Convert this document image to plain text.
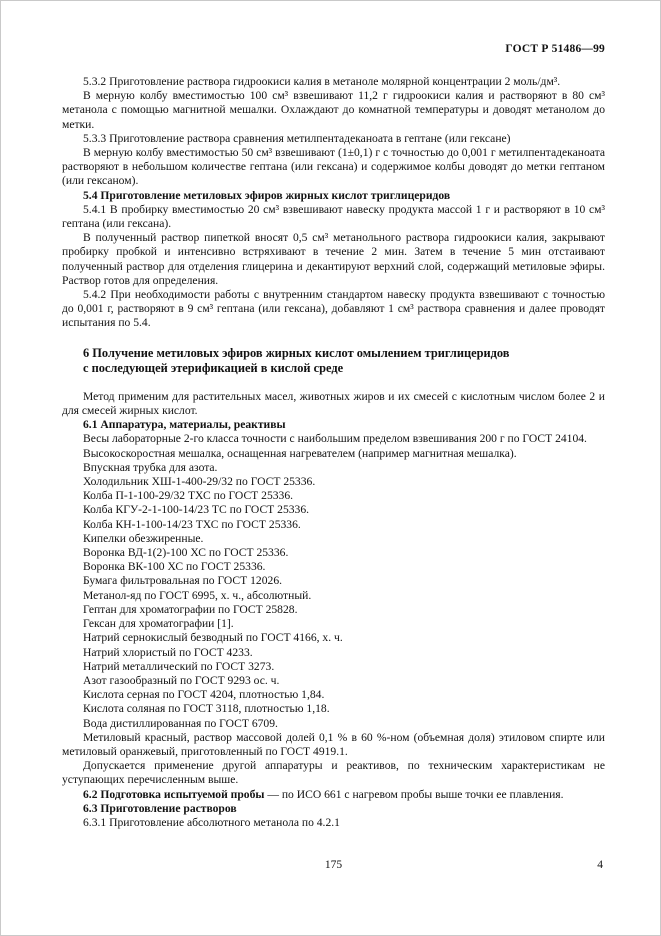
ГОСТ Р 51486—99

5.3.2 Приготовление раствора гидроокиси калия в метаноле молярной концентрации 2 моль/дм³.

В мерную колбу вместимостью 100 см³ взвешивают 11,2 г гидроокиси калия и растворяют в 80 см³ метанола с помощью магнитной мешалки. Охлаждают до комнатной температуры и доводят метанолом до метки.

5.3.3 Приготовление раствора сравнения метилпентадеканоата в гептане (или гексане)

В мерную колбу вместимостью 50 см³ взвешивают (1±0,1) г с точностью до 0,001 г метилпентадеканоата растворяют в небольшом количестве гептана (или гексана) и содержимое колбы доводят до метки гептаном (или гексаном).

5.4 Приготовление метиловых эфиров жирных кислот триглицеридов

5.4.1 В пробирку вместимостью 20 см³ взвешивают навеску продукта массой 1 г и растворяют в 10 см³ гептана (или гексана).

В полученный раствор пипеткой вносят 0,5 см³ метанольного раствора гидроокиси калия, закрывают пробирку пробкой и интенсивно встряхивают в течение 2 мин. Затем в течение 5 мин отстаивают полученный раствор для отделения глицерина и декантируют верхний слой, содержащий метиловые эфиры. Раствор готов для определения.

5.4.2 При необходимости работы с внутренним стандартом навеску продукта взвешивают с точностью до 0,001 г, растворяют в 9 см³ гептана (или гексана), добавляют 1 см³ раствора сравнения и далее проводят испытания по 5.4.

6 Получение метиловых эфиров жирных кислот омылением триглицеридов
с последующей этерификацией в кислой среде

Метод применим для растительных масел, животных жиров и их смесей с кислотным числом более 2 и для смесей жирных кислот.

6.1 Аппаратура, материалы, реактивы

Весы лабораторные 2-го класса точности с наибольшим пределом взвешивания 200 г по ГОСТ 24104.

Высокоскоростная мешалка, оснащенная нагревателем (например магнитная мешалка).

Впускная трубка для азота.

Холодильник ХШ-1-400-29/32 по ГОСТ 25336.

Колба П-1-100-29/32 ТХС по ГОСТ 25336.

Колба КГУ-2-1-100-14/23 ТС по ГОСТ 25336.

Колба КН-1-100-14/23 ТХС по ГОСТ 25336.

Кипелки обезжиренные.

Воронка ВД-1(2)-100 ХС по ГОСТ 25336.

Воронка ВК-100 ХС по ГОСТ 25336.

Бумага фильтровальная по ГОСТ 12026.

Метанол-яд по ГОСТ 6995, х. ч., абсолютный.

Гептан для хроматографии по ГОСТ 25828.

Гексан для хроматографии [1].

Натрий сернокислый безводный по ГОСТ 4166, х. ч.

Натрий хлористый по ГОСТ 4233.

Натрий металлический по ГОСТ 3273.

Азот газообразный по ГОСТ 9293 ос. ч.

Кислота серная по ГОСТ 4204, плотностью 1,84.

Кислота соляная по ГОСТ 3118, плотностью 1,18.

Вода дистиллированная по ГОСТ 6709.

Метиловый красный, раствор массовой долей 0,1 % в 60 %-ном (объемная доля) этиловом спирте или метиловый оранжевый, приготовленный по ГОСТ 4919.1.

Допускается применение другой аппаратуры и реактивов, по техническим характеристикам не уступающих перечисленным выше.

6.2 Подготовка испытуемой пробы — по ИСО 661 с нагревом пробы выше точки ее плавления.

6.3 Приготовление растворов

6.3.1 Приготовление абсолютного метанола по 4.2.1

175	4
